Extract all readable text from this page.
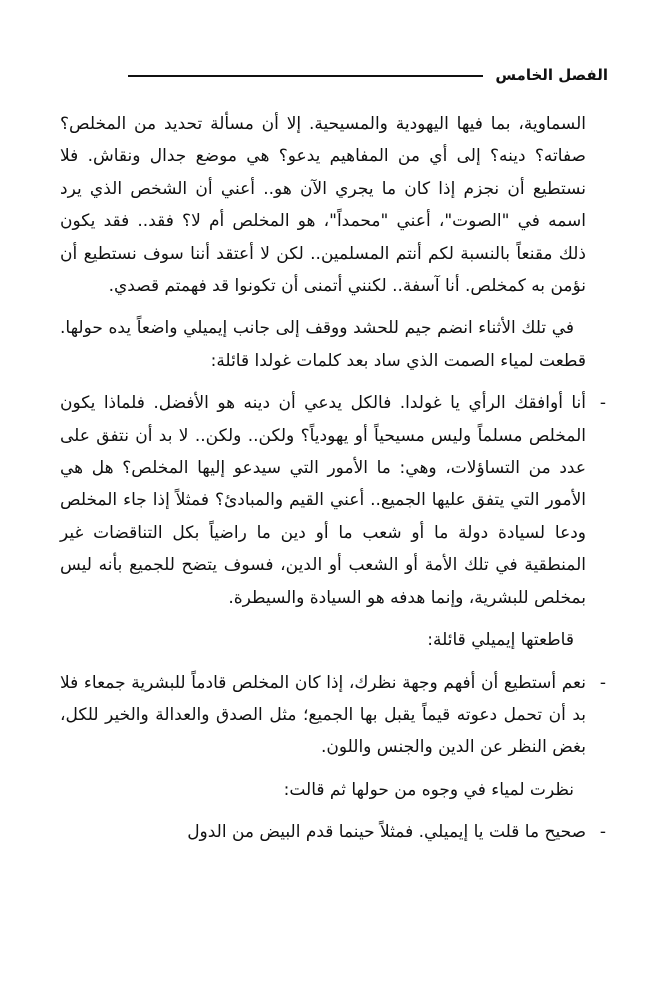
الفصل الخامس

السماوية، بما فيها اليهودية والمسيحية. إلا أن مسألة تحديد من المخلص؟ صفاته؟ دينه؟ إلى أي من المفاهيم يدعو؟ هي موضع جدال ونقاش. فلا نستطيع أن نجزم إذا كان ما يجري الآن هو.. أعني أن الشخص الذي يرد اسمه في "الصوت"، أعني "محمداً"، هو المخلص أم لا؟ فقد.. فقد يكون ذلك مقنعاً بالنسبة لكم أنتم المسلمين.. لكن لا أعتقد أننا سوف نستطيع أن نؤمن به كمخلص. أنا آسفة.. لكنني أتمنى أن تكونوا قد فهمتم قصدي.

في تلك الأثناء انضم جيم للحشد ووقف إلى جانب إيميلي واضعاً يده حولها. قطعت لمياء الصمت الذي ساد بعد كلمات غولدا قائلة:

-

أنا أوافقك الرأي يا غولدا. فالكل يدعي أن دينه هو الأفضل. فلماذا يكون المخلص مسلماً وليس مسيحياً أو يهودياً؟ ولكن.. ولكن.. لا بد أن نتفق على عدد من التساؤلات، وهي: ما الأمور التي سيدعو إليها المخلص؟ هل هي الأمور التي يتفق عليها الجميع.. أعني القيم والمبادئ؟ فمثلاً إذا جاء المخلص ودعا لسيادة دولة ما أو شعب ما أو دين ما راضياً بكل التناقضات غير المنطقية في تلك الأمة أو الشعب أو الدين، فسوف يتضح للجميع بأنه ليس بمخلص للبشرية، وإنما هدفه هو السيادة والسيطرة.

قاطعتها إيميلي قائلة:

-

نعم أستطيع أن أفهم وجهة نظرك، إذا كان المخلص قادماً للبشرية جمعاء فلا بد أن تحمل دعوته قيماً يقبل بها الجميع؛ مثل الصدق والعدالة والخير للكل، بغض النظر عن الدين والجنس واللون.

نظرت لمياء في وجوه من حولها ثم قالت:

-

صحيح ما قلت يا إيميلي. فمثلاً حينما قدم البيض من الدول
